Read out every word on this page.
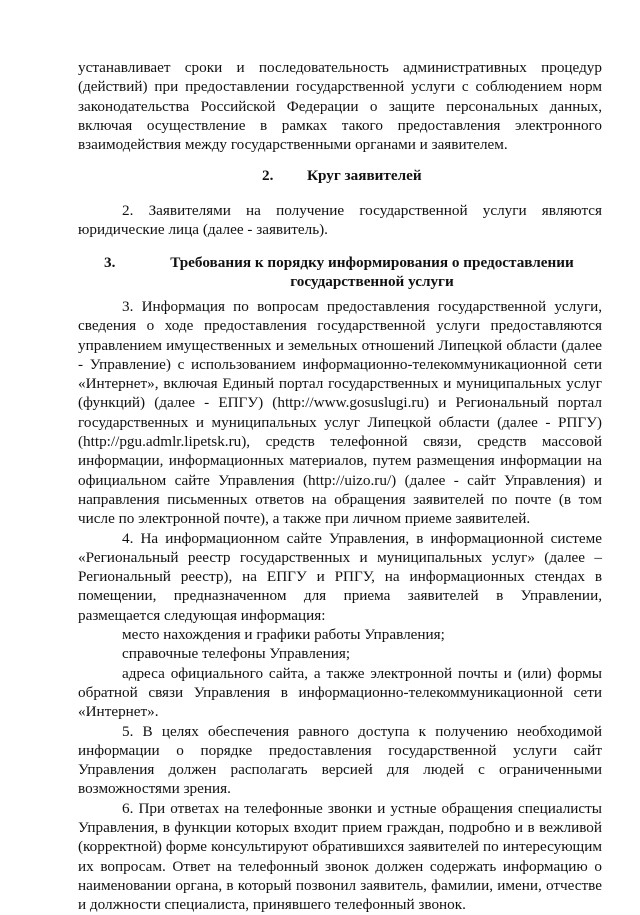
устанавливает сроки и последовательность административных процедур (действий) при предоставлении государственной услуги с соблюдением норм законодательства Российской Федерации о защите персональных данных, включая осуществление в рамках такого предоставления электронного взаимодействия между государственными органами и заявителем.

2. Круг заявителей

2. Заявителями на получение государственной услуги являются юридические лица (далее - заявитель).

3.	Требования к порядку информирования о предоставлении
государственной услуги

3. Информация по вопросам предоставления государственной услуги, сведения о ходе предоставления государственной услуги предоставляются управлением имущественных и земельных отношений Липецкой области (далее - Управление) с использованием информационно-телекоммуникационной сети «Интернет», включая Единый портал государственных и муниципальных услуг (функций) (далее - ЕПГУ) (http://www.gosuslugi.ru) и Региональный портал государственных и муниципальных услуг Липецкой области (далее - РПГУ) (http://pgu.admlr.lipetsk.ru), средств телефонной связи, средств массовой информации, информационных материалов, путем размещения информации на официальном сайте Управления (http://uizo.ru/) (далее - сайт Управления) и направления письменных ответов на обращения заявителей по почте (в том числе по электронной почте), а также при личном приеме заявителей.

4. На информационном сайте Управления, в информационной системе «Региональный реестр государственных и муниципальных услуг» (далее – Региональный реестр), на ЕПГУ и РПГУ, на информационных стендах в помещении, предназначенном для приема заявителей в Управлении, размещается следующая информация:

место нахождения и графики работы Управления;

справочные телефоны Управления;

адреса официального сайта, а также электронной почты и (или) формы обратной связи Управления в информационно-телекоммуникационной сети «Интернет».

5. В целях обеспечения равного доступа к получению необходимой информации о порядке предоставления государственной услуги сайт Управления должен располагать версией для людей с ограниченными возможностями зрения.

6. При ответах на телефонные звонки и устные обращения специалисты Управления, в функции которых входит прием граждан, подробно и в вежливой (корректной) форме консультируют обратившихся заявителей по интересующим их вопросам. Ответ на телефонный звонок должен содержать информацию о наименовании органа, в который позвонил заявитель, фамилии, имени, отчестве и должности специалиста, принявшего телефонный звонок.
